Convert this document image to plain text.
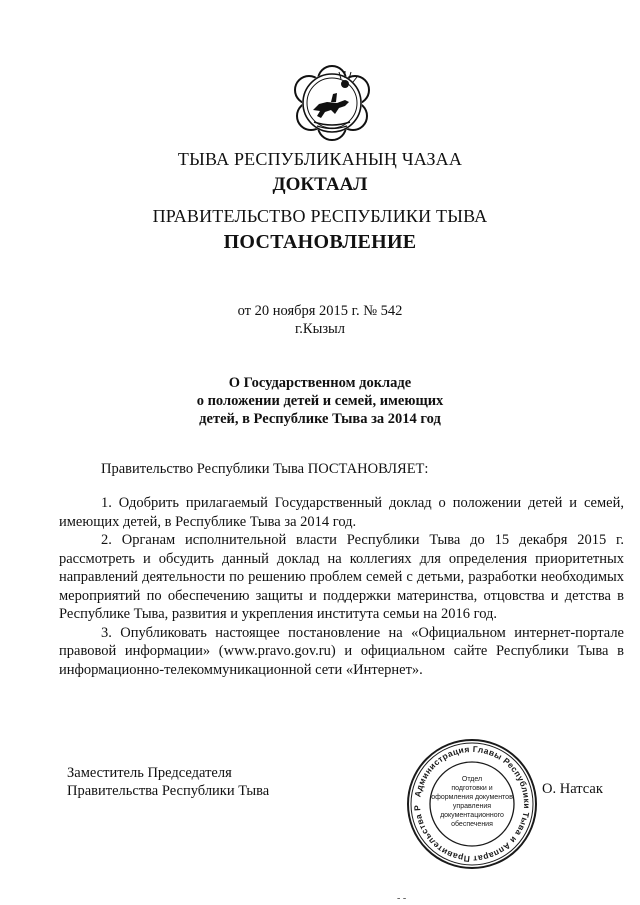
ТЫВА РЕСПУБЛИКАНЫҢ ЧАЗАА
ДОКТААЛ
ПРАВИТЕЛЬСТВО РЕСПУБЛИКИ ТЫВА
ПОСТАНОВЛЕНИЕ
от 20 ноября 2015 г. № 542
г.Кызыл
О Государственном докладе
о положении детей и семей, имеющих
детей, в Республике Тыва за 2014 год
Правительство Республики Тыва ПОСТАНОВЛЯЕТ:

1. Одобрить прилагаемый Государственный доклад о положении детей и семей, имеющих детей, в Республике Тыва за 2014 год.

2. Органам исполнительной власти Республики Тыва до 15 декабря 2015 г. рассмотреть и обсудить данный доклад на коллегиях для определения приоритетных направлений деятельности по решению проблем семей с детьми, разработки необходимых мероприятий по обеспечению защиты и поддержки материнства, отцовства и детства в Республике Тыва, развития и укрепления института семьи на 2016 год.

3. Опубликовать настоящее постановление на «Официальном интернет-портале правовой информации» (www.pravo.gov.ru) и официальном сайте Республики Тыва в информационно-телекоммуникационной сети «Интернет».

Заместитель Председателя
Правительства Республики Тыва	Администрация Главы Республики Тыва и Аппарат Правительства Р
Отдел
подготовки и
оформления документов
управления
документационного
обеспечения
О. Натсак
- -
